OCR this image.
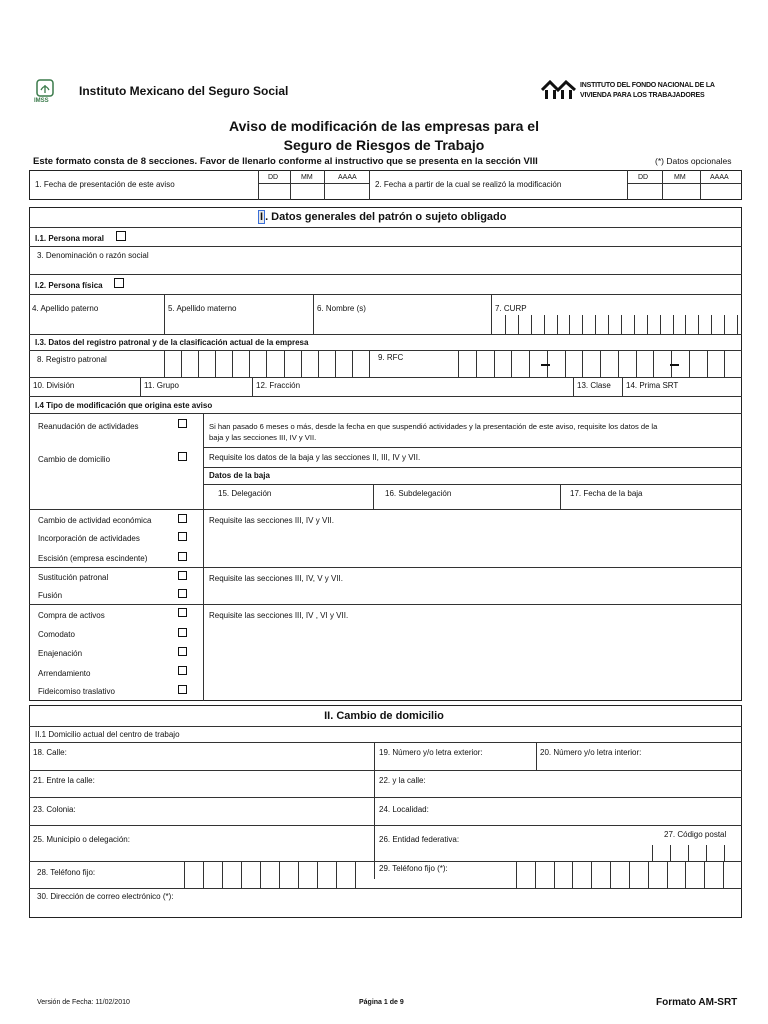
IMSS
Instituto Mexicano del Seguro Social	INSTITUTO DEL FONDO NACIONAL DE LA
VIVIENDA PARA LOS TRABAJADORES
Aviso de modificación de las empresas para el
Seguro de Riesgos de Trabajo
Este formato consta de 8 secciones. Favor de llenarlo conforme al instructivo que se presenta en la sección VIII	(*) Datos opcionales
1. Fecha de presentación de este aviso
DD	MM	AAAA
2. Fecha a partir de la cual se realizó la modificación
DD	MM	AAAA
I . Datos generales del patrón o sujeto obligado
I.1. Persona moral
3. Denominación o razón social
I.2. Persona física
4. Apellido paterno	5. Apellido materno	6. Nombre (s)	7. CURP
I.3. Datos del registro patronal y de la clasificación actual de la empresa
8. Registro patronal	9. RFC
10. División	11. Grupo	12. Fracción	13. Clase 14. Prima SRT
I.4 Tipo de modificación que origina este aviso
Reanudación de actividades	Si han pasado 6 meses o más, desde la fecha en que suspendió actividades y la presentación de este aviso, requisite los datos de la
baja y las secciones III, IV y VII.
Cambio de domicilio	Requisite los datos de la baja y las secciones II, III, IV y VII.
Datos de la baja
15. Delegación	16. Subdelegación	17. Fecha de la baja
Cambio de actividad económica
Incorporación de actividades
Escisión (empresa escindente)
Requisite las secciones III, IV y VII.
Sustitución patronal
Fusión
Requisite las secciones III, IV, V y VII.
Compra de activos
Comodato
Enajenación
Arrendamiento
Fideicomiso traslativo
Requisite las secciones III, IV , VI y VII.
II. Cambio de domicilio
II.1 Domicilio actual del centro de trabajo
18. Calle:	19. Número y/o letra exterior:	20. Número y/o letra interior:
21. Entre la calle:	22. y la calle:
23. Colonia:	24. Localidad:
25. Municipio o delegación:	26. Entidad federativa:
27. Código postal
28. Teléfono fijo:	29. Teléfono fijo (*):
30. Dirección de correo electrónico (*):
Versión de Fecha: 11/02/2010	Página 1 de 9	Formato AM-SRT
